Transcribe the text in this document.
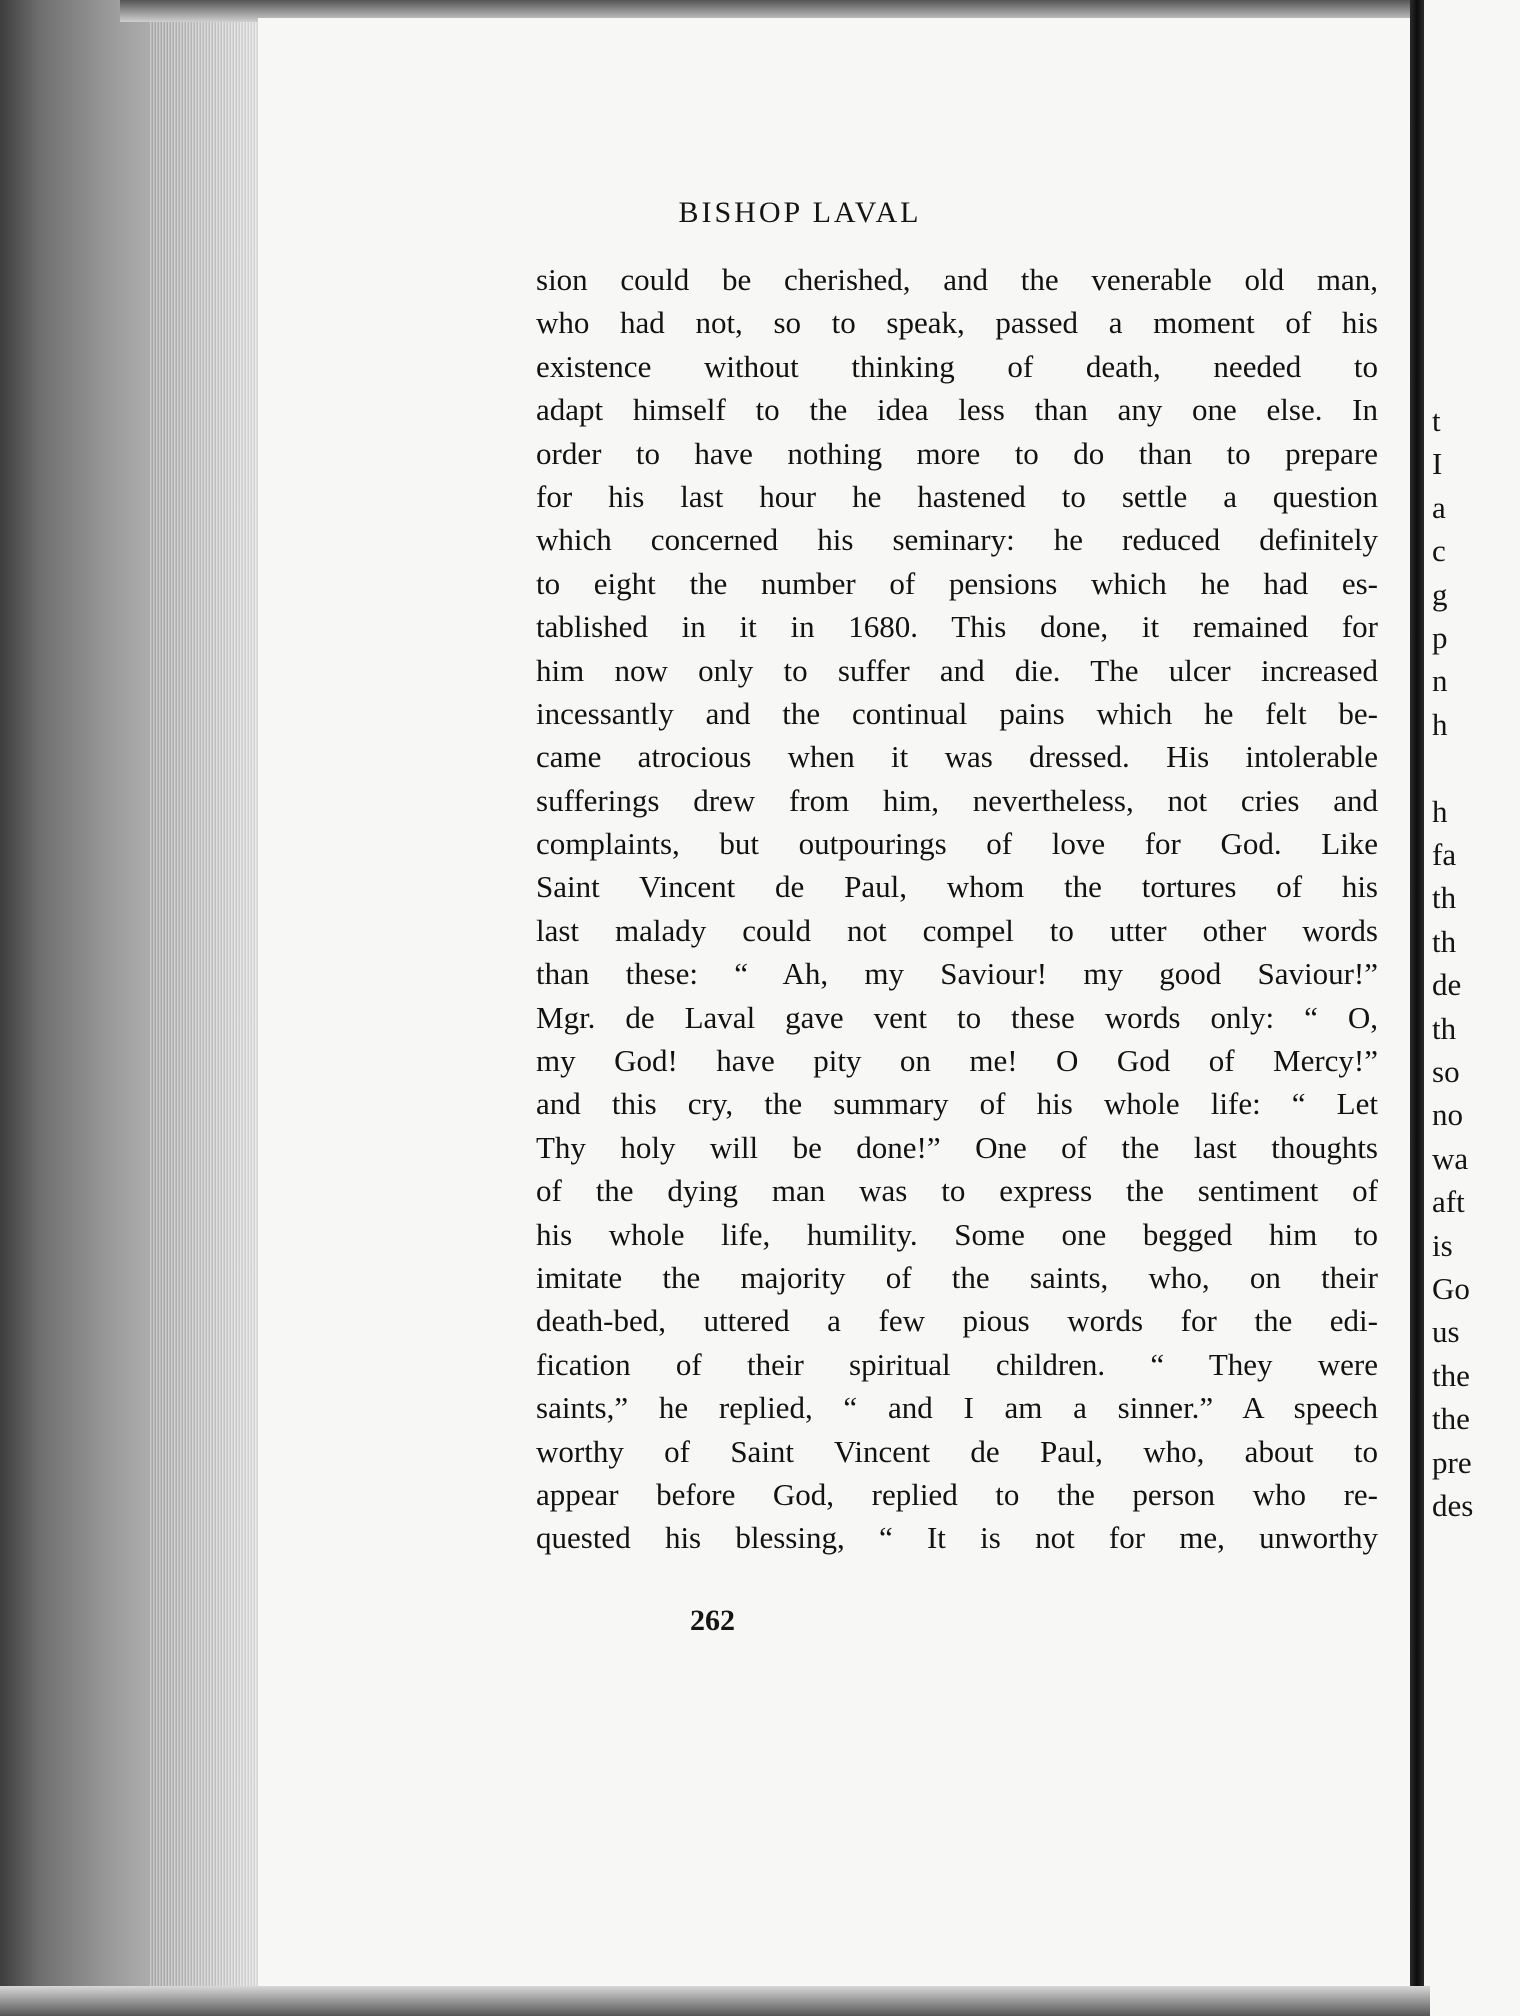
BISHOP LAVAL
sion could be cherished, and the venerable old man,
who had not, so to speak, passed a moment of his
existence without thinking of death, needed to
adapt himself to the idea less than any one else. In
order to have nothing more to do than to prepare
for his last hour he hastened to settle a question
which concerned his seminary: he reduced definitely
to eight the number of pensions which he had es-
tablished in it in 1680. This done, it remained for
him now only to suffer and die. The ulcer increased
incessantly and the continual pains which he felt be-
came atrocious when it was dressed. His intolerable
sufferings drew from him, nevertheless, not cries and
complaints, but outpourings of love for God. Like
Saint Vincent de Paul, whom the tortures of his
last malady could not compel to utter other words
than these: “ Ah, my Saviour! my good Saviour!”
Mgr. de Laval gave vent to these words only: “ O,
my God! have pity on me! O God of Mercy!”
and this cry, the summary of his whole life: “ Let
Thy holy will be done!” One of the last thoughts
of the dying man was to express the sentiment of
his whole life, humility. Some one begged him to
imitate the majority of the saints, who, on their
death-bed, uttered a few pious words for the edi-
fication of their spiritual children. “ They were
saints,” he replied, “ and I am a sinner.” A speech
worthy of Saint Vincent de Paul, who, about to
appear before God, replied to the person who re-
quested his blessing, “ It is not for me, unworthy
262
t
I
a
c
g
p
n
h
h
fa
th
th
de
th
so
no
wa
aft
is
Go
us
the
the
pre
des
